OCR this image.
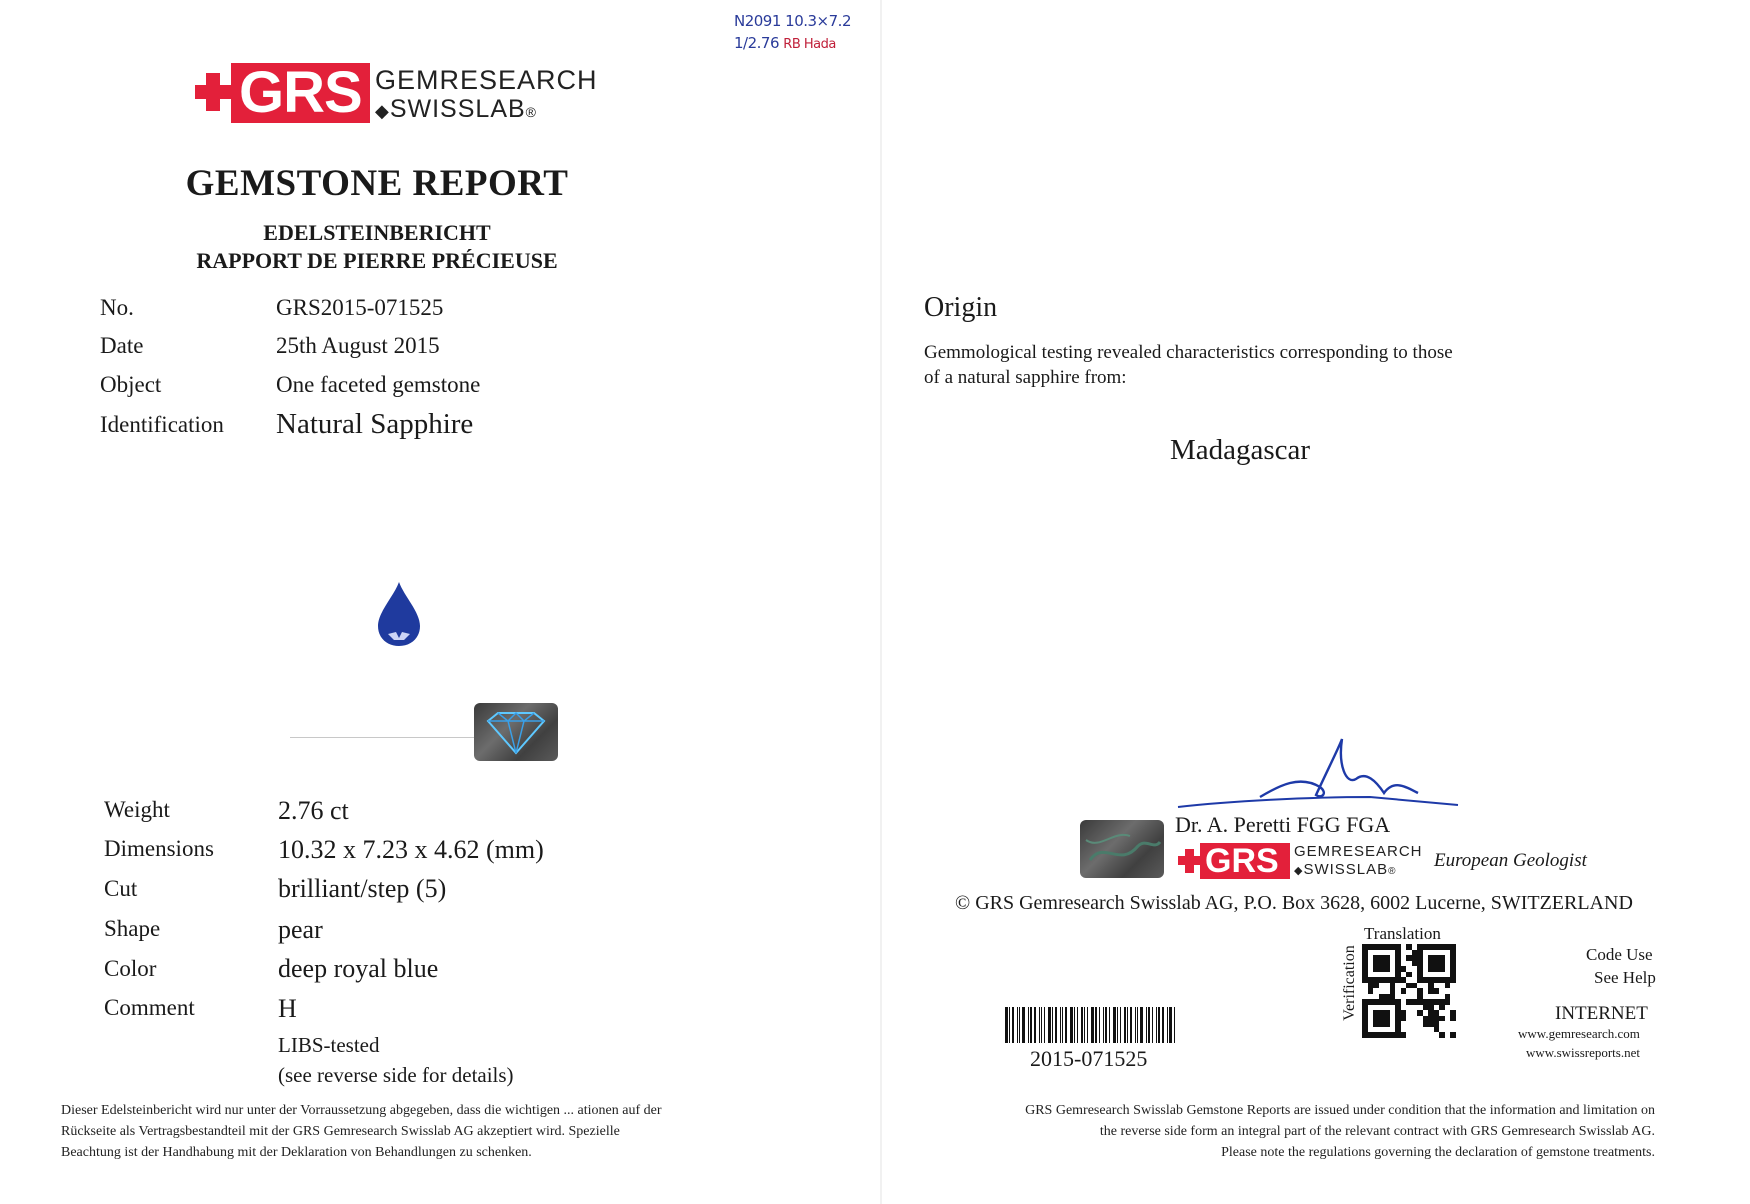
N2091 10.3×7.2
1/2.76 RB Hada
GRS GEMRESEARCH
◆SWISSLAB®
GEMSTONE REPORT
EDELSTEINBERICHT
RAPPORT DE PIERRE PRÉCIEUSE
No.	GRS2015-071525
Date	25th August 2015
Object	One faceted gemstone
Identification Natural Sapphire
Weight	2.76 ct
Dimensions 10.32 x 7.23 x 4.62 (mm)
Cut	brilliant/step (5)
Shape	pear
Color	deep royal blue
Comment	H
LIBS-tested
(see reverse side for details)
Dieser Edelsteinbericht wird nur unter der Vorraussetzung abgegeben, dass die wichtigen ... ationen auf der
Rückseite als Vertragsbestandteil mit der GRS Gemresearch Swisslab AG akzeptiert wird. Spezielle
Beachtung ist der Handhabung mit der Deklaration von Behandlungen zu schenken.
Origin
Gemmological testing revealed characteristics corresponding to those
of a natural sapphire from:
Madagascar
Dr. A. Peretti FGG FGA
GRS GEMRESEARCH
◆SWISSLAB®
European Geologist
© GRS Gemresearch Swisslab AG, P.O. Box 3628, 6002 Lucerne, SWITZERLAND
Translation
Verification	Code Use
See Help
INTERNET
www.gemresearch.com
www.swissreports.net
2015-071525
GRS Gemresearch Swisslab Gemstone Reports are issued under condition that the information and limitation on
the reverse side form an integral part of the relevant contract with GRS Gemresearch Swisslab AG.
Please note the regulations governing the declaration of gemstone treatments.
